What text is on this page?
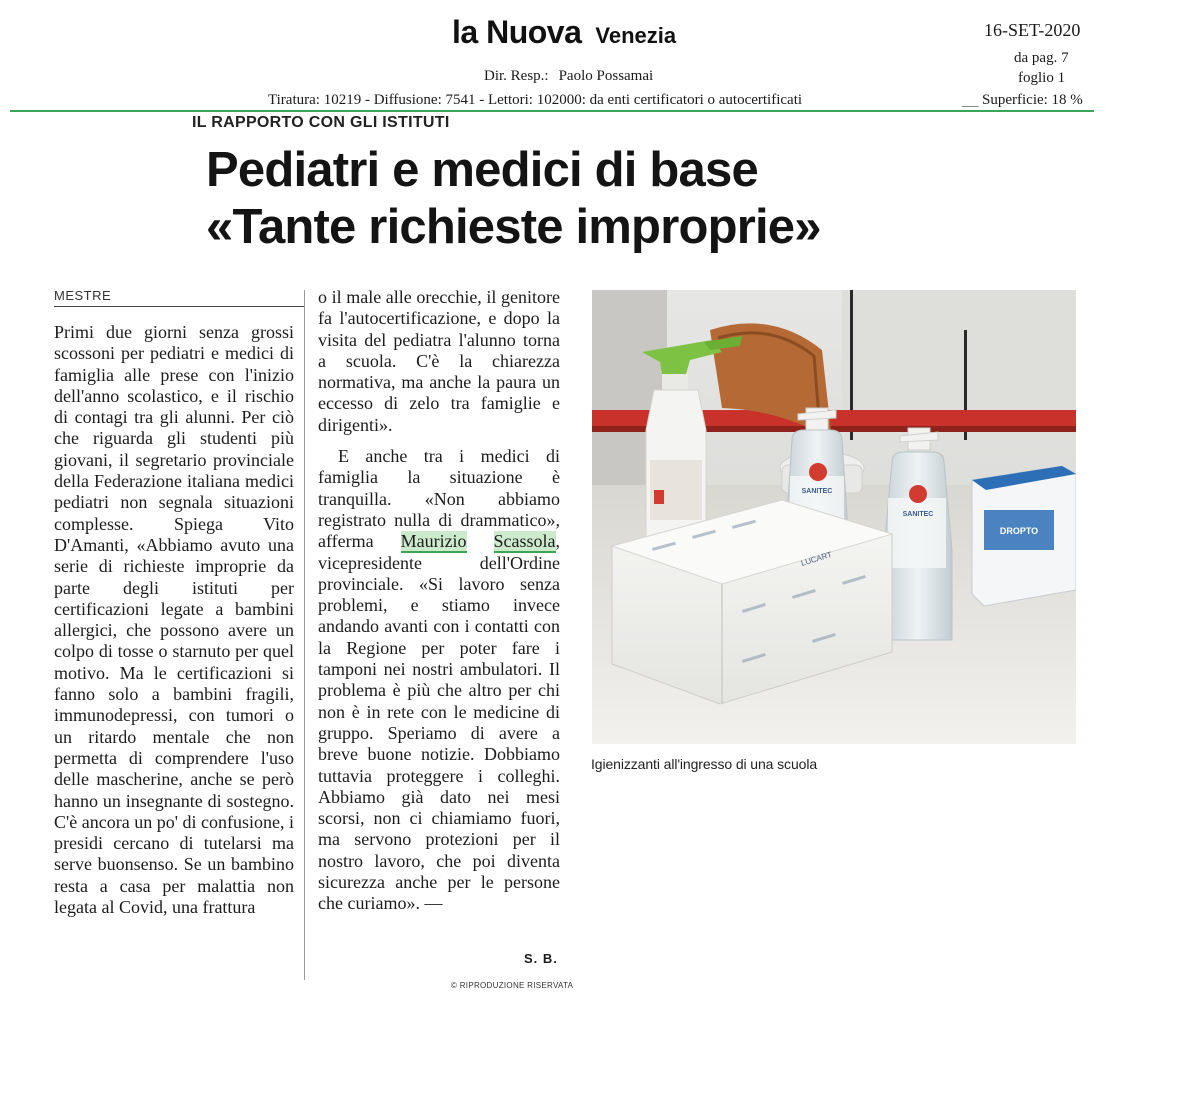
la Nuova Venezia
Dir. Resp.: Paolo Possamai
Tiratura: 10219 - Diffusione: 7541 - Lettori: 102000: da enti certificatori o autocertificati
16-SET-2020
da pag. 7
foglio 1
___ Superficie: 18 %
IL RAPPORTO CON GLI ISTITUTI
Pediatri e medici di base
«Tante richieste improprie»
MESTRE

Primi due giorni senza grossi scossoni per pediatri e medici di famiglia alle prese con l'inizio dell'anno scolastico, e il rischio di contagi tra gli alunni. Per ciò che riguarda gli studenti più giovani, il segretario provinciale della Federazione italiana medici pediatri non segnala situazioni complesse. Spiega Vito D'Amanti, «Abbiamo avuto una serie di richieste improprie da parte degli istituti per certificazioni legate a bambini allergici, che possono avere un colpo di tosse o starnuto per quel motivo. Ma le certificazioni si fanno solo a bambini fragili, immunodepressi, con tumori o un ritardo mentale che non permetta di comprendere l'uso delle mascherine, anche se però hanno un insegnante di sostegno. C'è ancora un po' di confusione, i presidi cercano di tutelarsi ma serve buonsenso. Se un bambino resta a casa per malattia non legata al Covid, una frattura

o il male alle orecchie, il genitore fa l'autocertificazione, e dopo la visita del pediatra l'alunno torna a scuola. C'è la chiarezza normativa, ma anche la paura un eccesso di zelo tra famiglie e dirigenti».

E anche tra i medici di famiglia la situazione è tranquilla. «Non abbiamo registrato nulla di drammatico», afferma Maurizio Scassola, vicepresidente dell'Ordine provinciale. «Si lavoro senza problemi, e stiamo invece andando avanti con i contatti con la Regione per poter fare i tamponi nei nostri ambulatori. Il problema è più che altro per chi non è in rete con le medicine di gruppo. Speriamo di avere a breve buone notizie. Dobbiamo tuttavia proteggere i colleghi. Abbiamo già dato nei mesi scorsi, non ci chiamiamo fuori, ma servono protezioni per il nostro lavoro, che poi diventa sicurezza anche per le persone che curiamo». —

S. B.
© RIPRODUZIONE RISERVATA
SANITEC
SANITEC
DROPTO
LUCART
Igienizzanti all'ingresso di una scuola
